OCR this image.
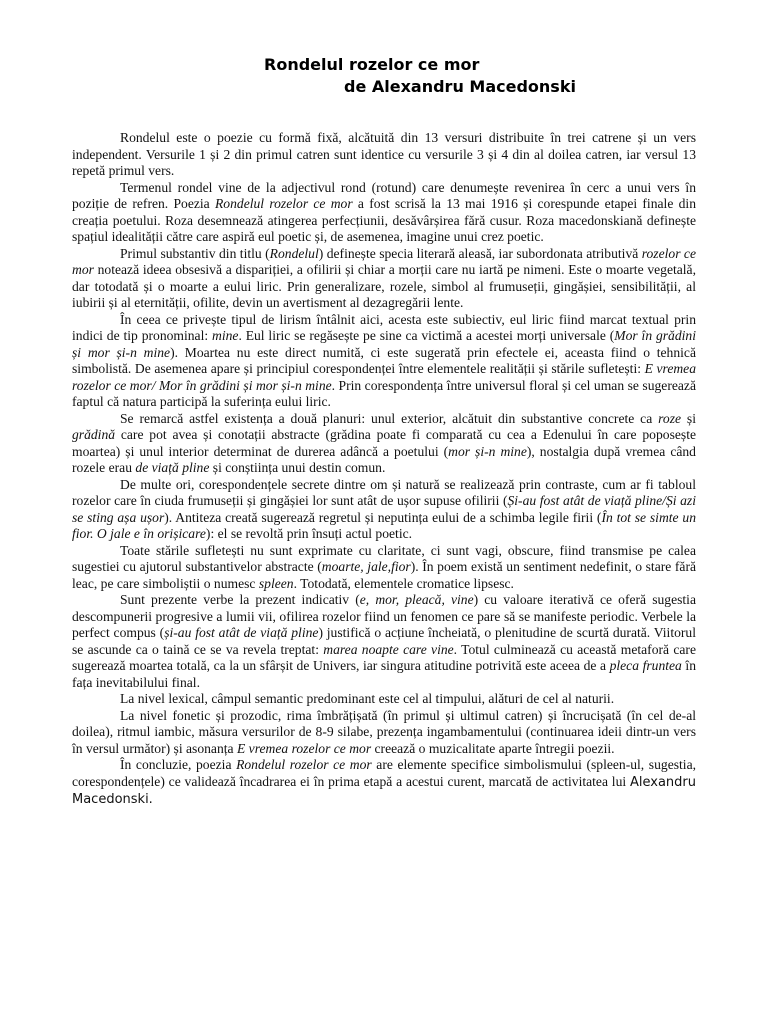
Rondelul rozelor ce mor
de Alexandru Macedonski

Rondelul este o poezie cu formă fixă, alcătuită din 13 versuri distribuite în trei catrene și un vers independent. Versurile 1 și 2 din primul catren sunt identice cu versurile 3 și 4 din al doilea catren, iar versul 13 repetă primul vers.

Termenul rondel vine de la adjectivul rond (rotund) care denumește revenirea în cerc a unui vers în poziție de refren. Poezia Rondelul rozelor ce mor a fost scrisă la 13 mai 1916 și corespunde etapei finale din creația poetului. Roza desemnează atingerea perfecțiunii, desăvârșirea fără cusur. Roza macedonskiană definește spațiul idealității către care aspiră eul poetic și, de asemenea, imagine unui crez poetic.

Primul substantiv din titlu (Rondelul) definește specia literară aleasă, iar subordonata atributivă rozelor ce mor notează ideea obsesivă a dispariției, a ofilirii și chiar a morții care nu iartă pe nimeni. Este o moarte vegetală, dar totodată și o moarte a eului liric. Prin generalizare, rozele, simbol al frumuseții, gingășiei, sensibilității, al iubirii și al eternității, ofilite, devin un avertisment al dezagregării lente.

În ceea ce privește tipul de lirism întâlnit aici, acesta este subiectiv, eul liric fiind marcat textual prin indici de tip pronominal: mine. Eul liric se regăsește pe sine ca victimă a acestei morți universale (Mor în grădini și mor și-n mine). Moartea nu este direct numită, ci este sugerată prin efectele ei, aceasta fiind o tehnică simbolistă. De asemenea apare și principiul corespondenței între elementele realității și stările sufletești: E vremea rozelor ce mor/ Mor în grădini și mor și-n mine. Prin corespondența între universul floral și cel uman se sugerează faptul că natura participă la suferința eului liric.

Se remarcă astfel existența a două planuri: unul exterior, alcătuit din substantive concrete ca roze și grădină care pot avea și conotații abstracte (grădina poate fi comparată cu cea a Edenului în care poposește moartea) și unul interior determinat de durerea adâncă a poetului (mor și-n mine), nostalgia după vremea când rozele erau de viață pline și conștiința unui destin comun.

De multe ori, corespondențele secrete dintre om și natură se realizează prin contraste, cum ar fi tabloul rozelor care în ciuda frumuseții și gingășiei lor sunt atât de ușor supuse ofilirii (Și-au fost atât de viață pline/Și azi se sting așa ușor). Antiteza creată sugerează regretul și neputința eului de a schimba legile firii (În tot se simte un fior. O jale e în orișicare): el se revoltă prin însuți actul poetic.

Toate stările sufletești nu sunt exprimate cu claritate, ci sunt vagi, obscure, fiind transmise pe calea sugestiei cu ajutorul substantivelor abstracte (moarte, jale,fior). În poem există un sentiment nedefinit, o stare fără leac, pe care simboliștii o numesc spleen. Totodată, elementele cromatice lipsesc.

Sunt prezente verbe la prezent indicativ (e, mor, pleacă, vine) cu valoare iterativă ce oferă sugestia descompunerii progresive a lumii vii, ofilirea rozelor fiind un fenomen ce pare să se manifeste periodic. Verbele la perfect compus (și-au fost atât de viață pline) justifică o acțiune încheiată, o plenitudine de scurtă durată. Viitorul se ascunde ca o taină ce se va revela treptat: marea noapte care vine. Totul culminează cu această metaforă care sugerează moartea totală, ca la un sfârșit de Univers, iar singura atitudine potrivită este aceea de a pleca fruntea în fața inevitabilului final.

La nivel lexical, câmpul semantic predominant este cel al timpului, alături de cel al naturii.

La nivel fonetic și prozodic, rima îmbrățișată (în primul și ultimul catren) și încrucișată (în cel de-al doilea), ritmul iambic, măsura versurilor de 8-9 silabe, prezența ingambamentului (continuarea ideii dintr-un vers în versul următor) și asonanța E vremea rozelor ce mor creează o muzicalitate aparte întregii poezii.

În concluzie, poezia Rondelul rozelor ce mor are elemente specifice simbolismului (spleen-ul, sugestia, corespondențele) ce validează încadrarea ei în prima etapă a acestui curent, marcată de activitatea lui Alexandru Macedonski.
